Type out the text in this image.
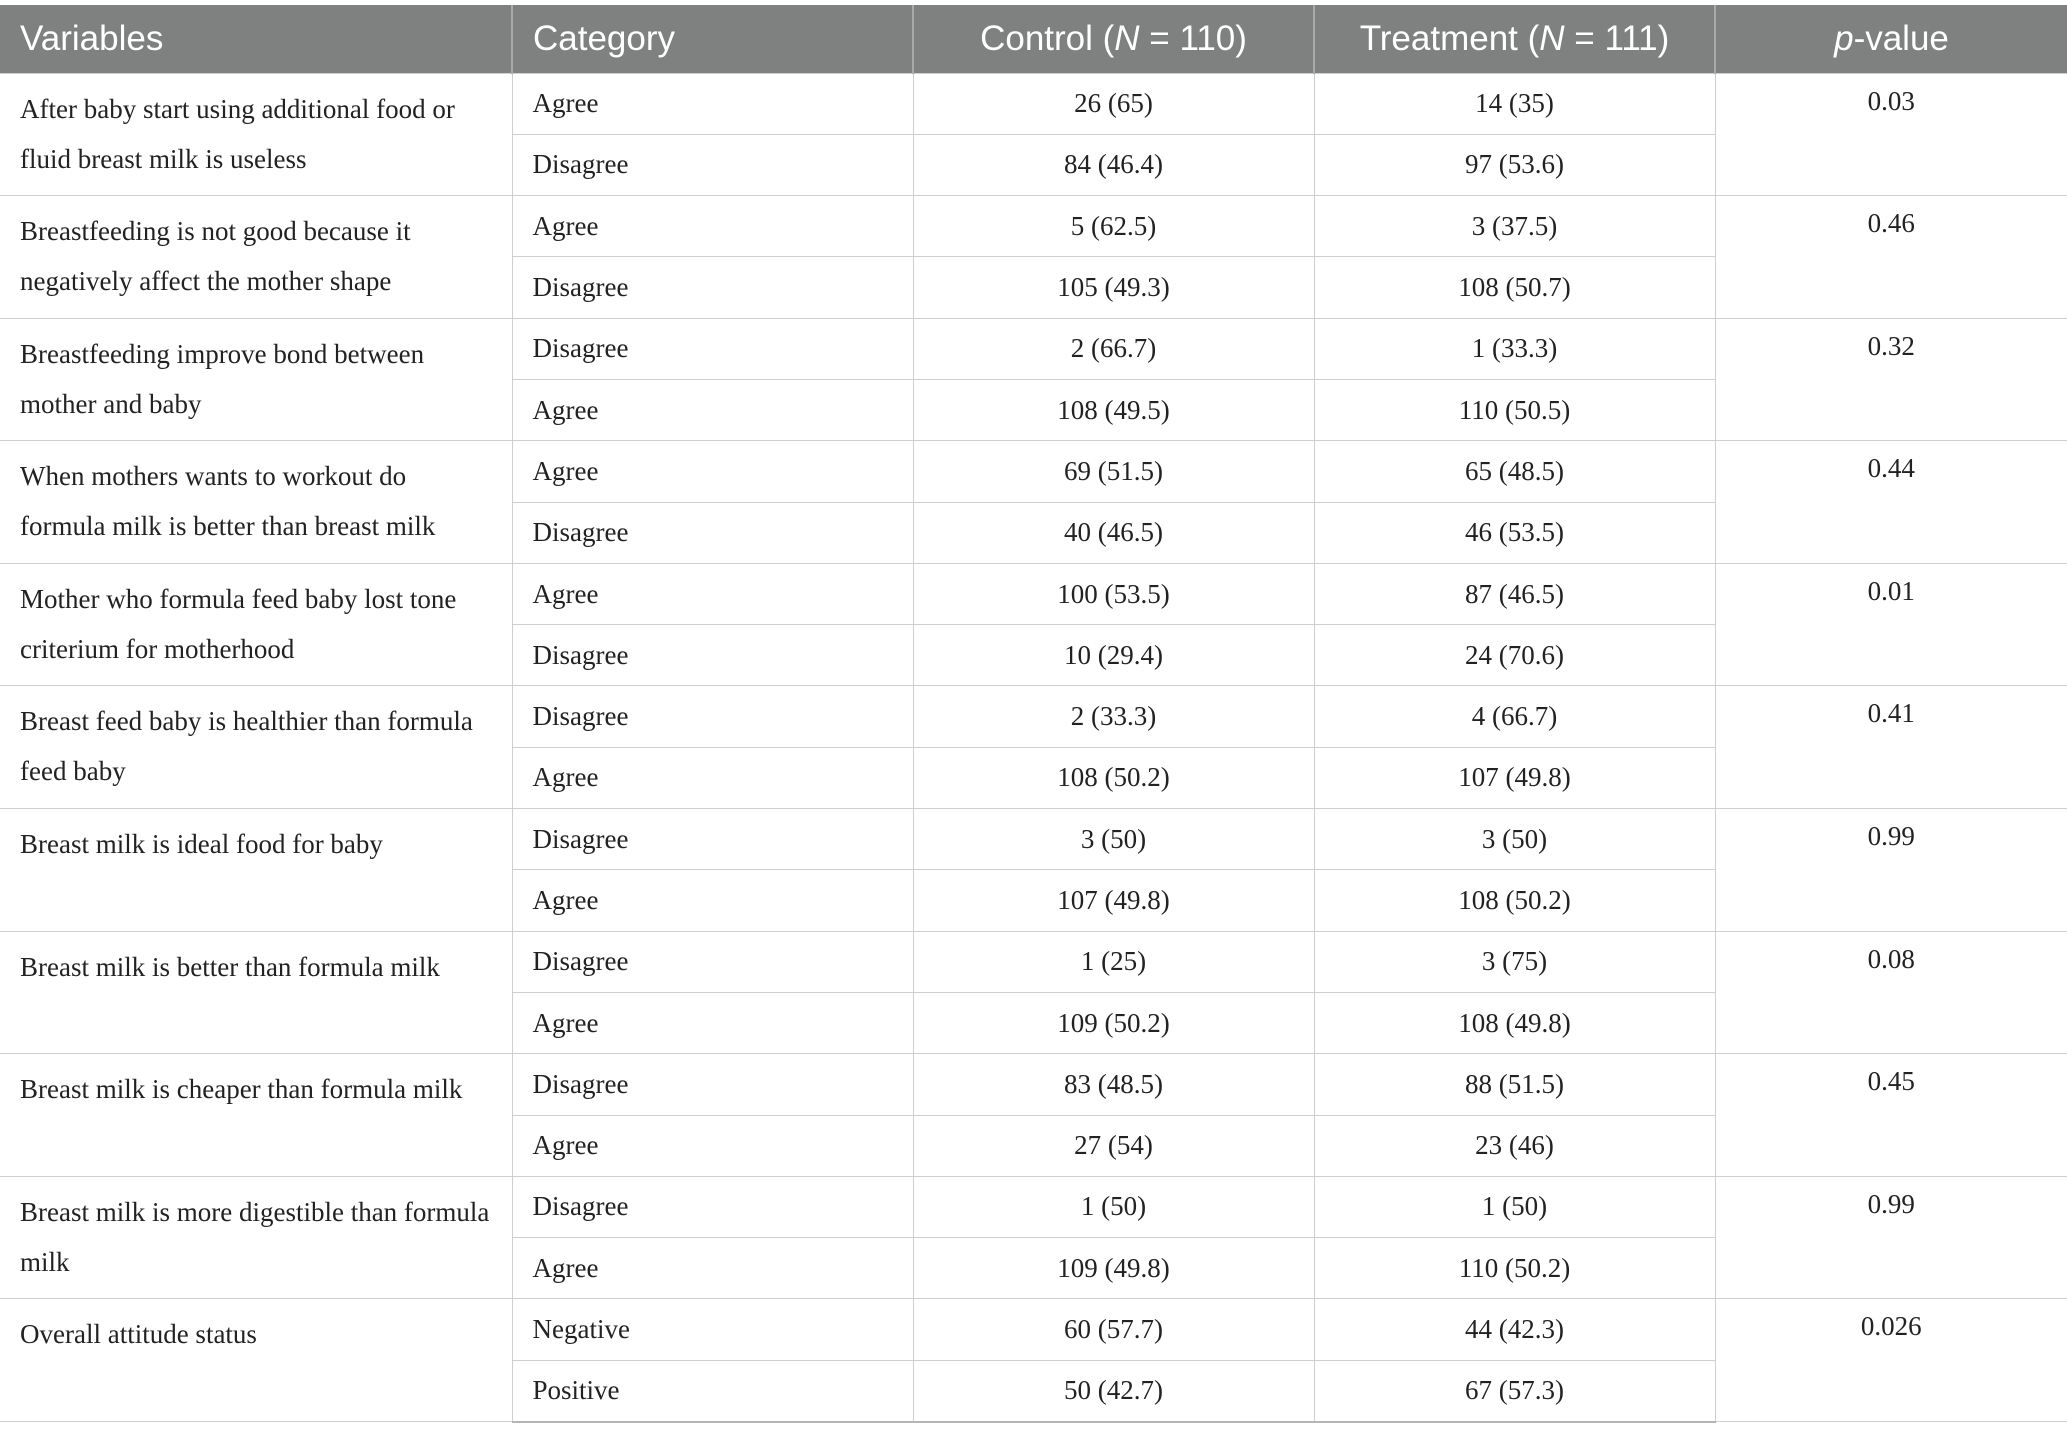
Variables	Category	Control (N = 110)	Treatment (N = 111)	p-value
After baby start using additional food or fluid breast milk is useless	Agree	26 (65)	14 (35)	0.03
	Disagree	84 (46.4)	97 (53.6)	
Breastfeeding is not good because it negatively affect the mother shape	Agree	5 (62.5)	3 (37.5)	0.46
	Disagree	105 (49.3)	108 (50.7)	
Breastfeeding improve bond between mother and baby	Disagree	2 (66.7)	1 (33.3)	0.32
	Agree	108 (49.5)	110 (50.5)	
When mothers wants to workout do formula milk is better than breast milk	Agree	69 (51.5)	65 (48.5)	0.44
	Disagree	40 (46.5)	46 (53.5)	
Mother who formula feed baby lost tone criterium for motherhood	Agree	100 (53.5)	87 (46.5)	0.01
	Disagree	10 (29.4)	24 (70.6)	
Breast feed baby is healthier than formula feed baby	Disagree	2 (33.3)	4 (66.7)	0.41
	Agree	108 (50.2)	107 (49.8)	
Breast milk is ideal food for baby	Disagree	3 (50)	3 (50)	0.99
	Agree	107 (49.8)	108 (50.2)	
Breast milk is better than formula milk	Disagree	1 (25)	3 (75)	0.08
	Agree	109 (50.2)	108 (49.8)	
Breast milk is cheaper than formula milk	Disagree	83 (48.5)	88 (51.5)	0.45
	Agree	27 (54)	23 (46)	
Breast milk is more digestible than formula milk	Disagree	1 (50)	1 (50)	0.99
	Agree	109 (49.8)	110 (50.2)	
Overall attitude status	Negative	60 (57.7)	44 (42.3)	0.026
	Positive	50 (42.7)	67 (57.3)	
